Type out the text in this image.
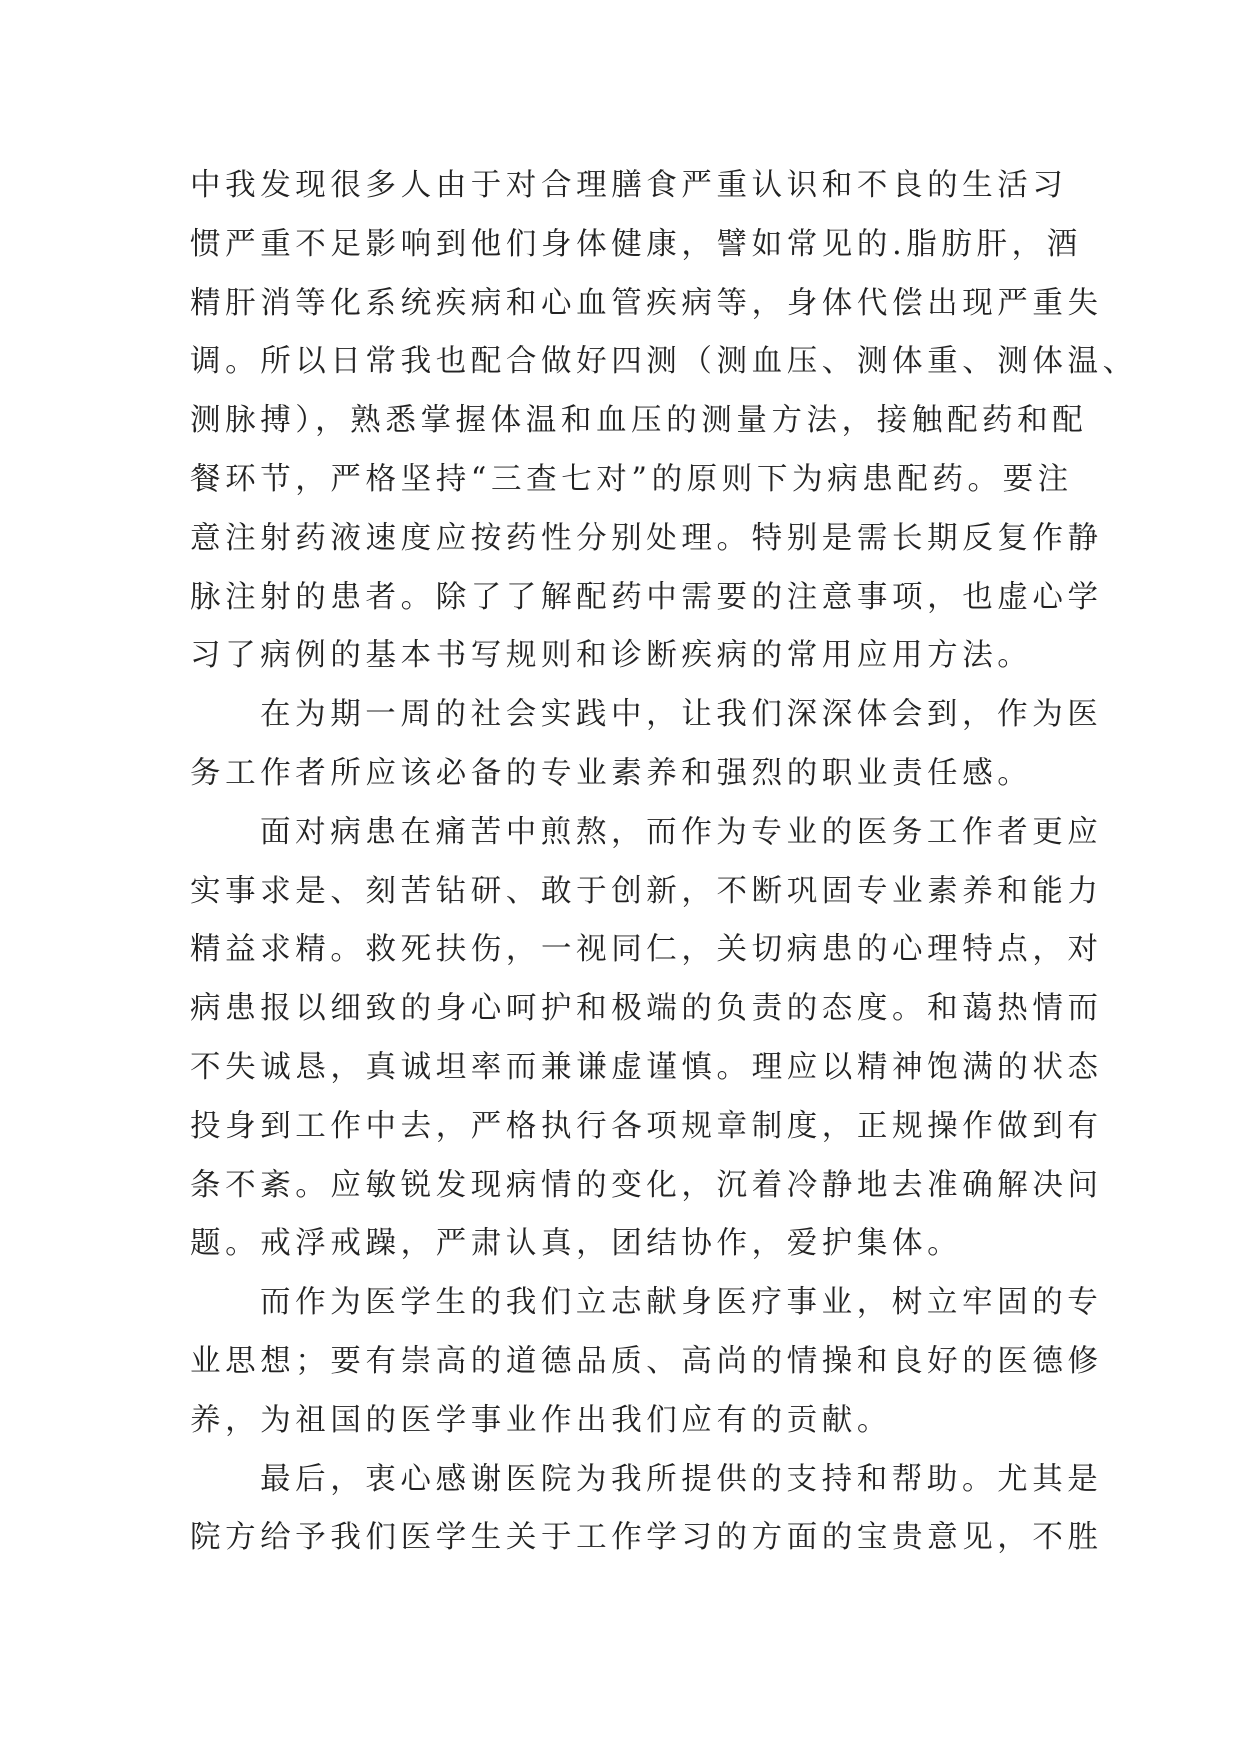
中我发现很多人由于对合理膳食严重认识和不良的生活习
惯严重不足影响到他们身体健康，譬如常见的.脂肪肝，酒
精肝消等化系统疾病和心血管疾病等，身体代偿出现严重失
调。所以日常我也配合做好四测（测血压、测体重、测体温、
测脉搏），熟悉掌握体温和血压的测量方法，接触配药和配
餐环节，严格坚持“三查七对”的原则下为病患配药。要注
意注射药液速度应按药性分别处理。特别是需长期反复作静
脉注射的患者。除了了解配药中需要的注意事项，也虚心学
习了病例的基本书写规则和诊断疾病的常用应用方法。

在为期一周的社会实践中，让我们深深体会到，作为医
务工作者所应该必备的专业素养和强烈的职业责任感。

面对病患在痛苦中煎熬，而作为专业的医务工作者更应
实事求是、刻苦钻研、敢于创新，不断巩固专业素养和能力
精益求精。救死扶伤，一视同仁，关切病患的心理特点，对
病患报以细致的身心呵护和极端的负责的态度。和蔼热情而
不失诚恳，真诚坦率而兼谦虚谨慎。理应以精神饱满的状态
投身到工作中去，严格执行各项规章制度，正规操作做到有
条不紊。应敏锐发现病情的变化，沉着冷静地去准确解决问
题。戒浮戒躁，严肃认真，团结协作，爱护集体。

而作为医学生的我们立志献身医疗事业，树立牢固的专
业思想；要有崇高的道德品质、高尚的情操和良好的医德修
养，为祖国的医学事业作出我们应有的贡献。

最后，衷心感谢医院为我所提供的支持和帮助。尤其是
院方给予我们医学生关于工作学习的方面的宝贵意见，不胜
